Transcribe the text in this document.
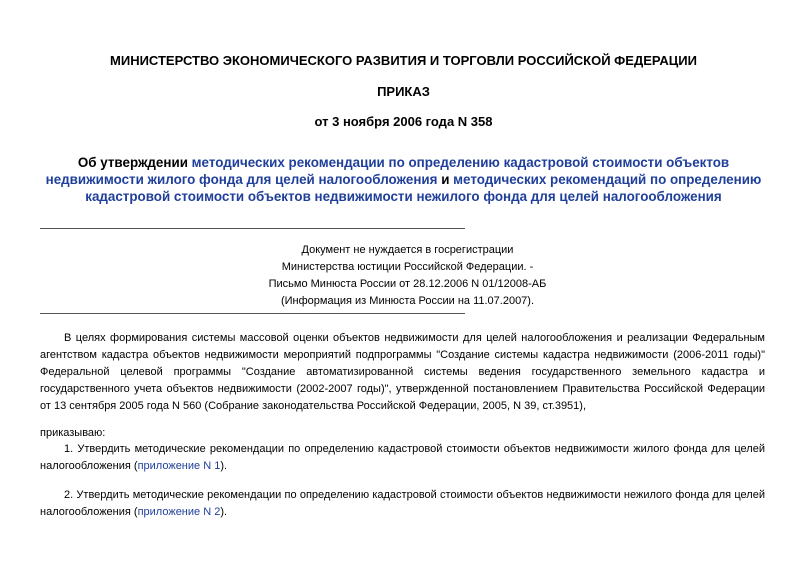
МИНИСТЕРСТВО ЭКОНОМИЧЕСКОГО РАЗВИТИЯ И ТОРГОВЛИ РОССИЙСКОЙ ФЕДЕРАЦИИ
ПРИКАЗ
от 3 ноября 2006 года N 358
Об утверждении методических рекомендации по определению кадастровой стоимости объектов недвижимости жилого фонда для целей налогообложения и методических рекомендаций по определению кадастровой стоимости объектов недвижимости нежилого фонда для целей налогообложения
Документ не нуждается в госрегистрации
Министерства юстиции Российской Федерации. -
Письмо Минюста России от 28.12.2006 N 01/12008-АБ
(Информация из Минюста России на 11.07.2007).
В целях формирования системы массовой оценки объектов недвижимости для целей налогообложения и реализации Федеральным агентством кадастра объектов недвижимости мероприятий подпрограммы "Создание системы кадастра недвижимости (2006-2011 годы)" Федеральной целевой программы "Создание автоматизированной системы ведения государственного земельного кадастра и государственного учета объектов недвижимости (2002-2007 годы)", утвержденной постановлением Правительства Российской Федерации от 13 сентября 2005 года N 560 (Собрание законодательства Российской Федерации, 2005, N 39, ст.3951),
приказываю:
1. Утвердить методические рекомендации по определению кадастровой стоимости объектов недвижимости жилого фонда для целей налогообложения (приложение N 1).
2. Утвердить методические рекомендации по определению кадастровой стоимости объектов недвижимости нежилого фонда для целей налогообложения (приложение N 2).
